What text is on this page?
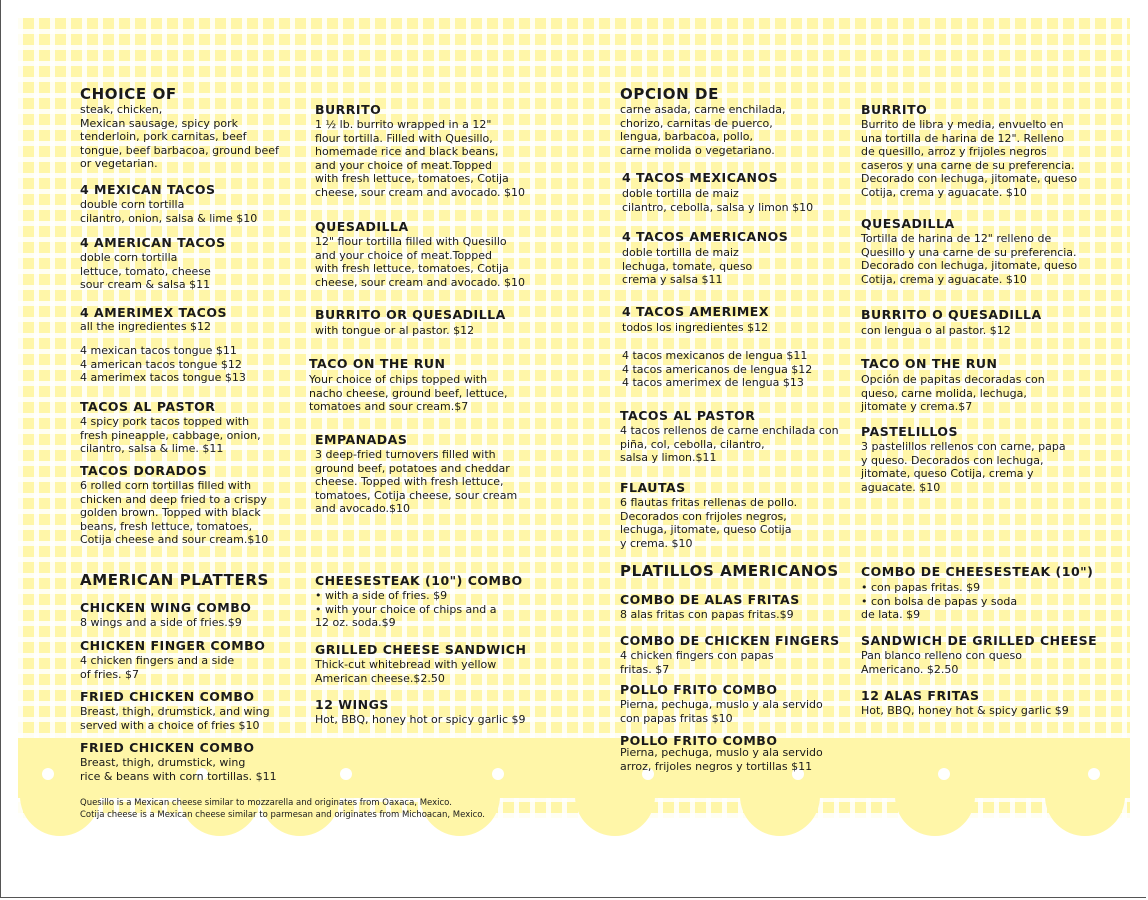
CHOICE OF
steak, chicken,
Mexican sausage, spicy pork
tenderloin, pork carnitas, beef
tongue, beef barbacoa, ground beef
or vegetarian.
4 MEXICAN TACOS
double corn tortilla
cilantro, onion, salsa & lime $10
4 AMERICAN TACOS
doble corn tortilla
lettuce, tomato, cheese
sour cream & salsa $11
4 AMERIMEX TACOS
all the ingredientes $12
4 mexican tacos tongue $11
4 american tacos tongue $12
4 amerimex tacos tongue $13
TACOS AL PASTOR
4 spicy pork tacos topped with
fresh pineapple, cabbage, onion,
cilantro, salsa & lime. $11
TACOS DORADOS
6 rolled corn tortillas filled with
chicken and deep fried to a crispy
golden brown. Topped with black
beans, fresh lettuce, tomatoes,
Cotija cheese and sour cream.$10
AMERICAN PLATTERS
CHICKEN WING COMBO
8 wings and a side of fries.$9
CHICKEN FINGER COMBO
4 chicken fingers and a side
of fries. $7
FRIED CHICKEN COMBO
Breast, thigh, drumstick, and wing
served with a choice of fries $10
FRIED CHICKEN COMBO
Breast, thigh, drumstick, wing
rice & beans with corn tortillas. $11
BURRITO
1 ½ lb. burrito wrapped in a 12"
flour tortilla. Filled with Quesillo,
homemade rice and black beans,
and your choice of meat.Topped
with fresh lettuce, tomatoes, Cotija
cheese, sour cream and avocado. $10
QUESADILLA
12" flour tortilla filled with Quesillo
and your choice of meat.Topped
with fresh lettuce, tomatoes, Cotija
cheese, sour cream and avocado. $10
BURRITO OR QUESADILLA
with tongue or al pastor. $12
TACO ON THE RUN
Your choice of chips topped with
nacho cheese, ground beef, lettuce,
tomatoes and sour cream.$7
EMPANADAS
3 deep-fried turnovers filled with
ground beef, potatoes and cheddar
cheese. Topped with fresh lettuce,
tomatoes, Cotija cheese, sour cream
and avocado.$10
CHEESESTEAK (10") COMBO
• with a side of fries. $9
• with your choice of chips and a
12 oz. soda.$9
GRILLED CHEESE SANDWICH
Thick-cut whitebread with yellow
American cheese.$2.50
12 WINGS
Hot, BBQ, honey hot or spicy garlic $9
OPCION DE
carne asada, carne enchilada,
chorizo, carnitas de puerco,
lengua, barbacoa, pollo,
carne molida o vegetariano.
4 TACOS MEXICANOS
doble tortilla de maiz
cilantro, cebolla, salsa y limon $10
4 TACOS AMERICANOS
doble tortilla de maiz
lechuga, tomate, queso
crema y salsa $11
4 TACOS AMERIMEX
todos los ingredientes $12
4 tacos mexicanos de lengua $11
4 tacos americanos de lengua $12
4 tacos amerimex de lengua $13
TACOS AL PASTOR
4 tacos rellenos de carne enchilada con
piña, col, cebolla, cilantro,
salsa y limon.$11
FLAUTAS
6 flautas fritas rellenas de pollo.
Decorados con frijoles negros,
lechuga, jitomate, queso Cotija
y crema. $10
PLATILLOS AMERICANOS
COMBO DE ALAS FRITAS
8 alas fritas con papas fritas.$9
COMBO DE CHICKEN FINGERS
4 chicken fingers con papas
fritas. $7
POLLO FRITO COMBO
Pierna, pechuga, muslo y ala servido
con papas fritas $10
POLLO FRITO COMBO
Pierna, pechuga, muslo y ala servido
arroz, frijoles negros y tortillas $11
BURRITO
Burrito de libra y media, envuelto en
una tortilla de harina de 12". Relleno
de quesillo, arroz y frijoles negros
caseros y una carne de su preferencia.
Decorado con lechuga, jitomate, queso
Cotija, crema y aguacate. $10
QUESADILLA
Tortilla de harina de 12" relleno de
Quesillo y una carne de su preferencia.
Decorado con lechuga, jitomate, queso
Cotija, crema y aguacate. $10
BURRITO O QUESADILLA
con lengua o al pastor. $12
TACO ON THE RUN
Opción de papitas decoradas con
queso, carne molida, lechuga,
jitomate y crema.$7
PASTELILLOS
3 pastelillos rellenos con carne, papa
y queso. Decorados con lechuga,
jitomate, queso Cotija, crema y
aguacate. $10
COMBO DE CHEESESTEAK (10")
• con papas fritas. $9
• con bolsa de papas y soda
de lata. $9
SANDWICH DE GRILLED CHEESE
Pan blanco relleno con queso
Americano. $2.50
12 ALAS FRITAS
Hot, BBQ, honey hot & spicy garlic $9
Quesillo is a Mexican cheese similar to mozzarella and originates from Oaxaca, Mexico.
Cotija cheese is a Mexican cheese similar to parmesan and originates from Michoacan, Mexico.
